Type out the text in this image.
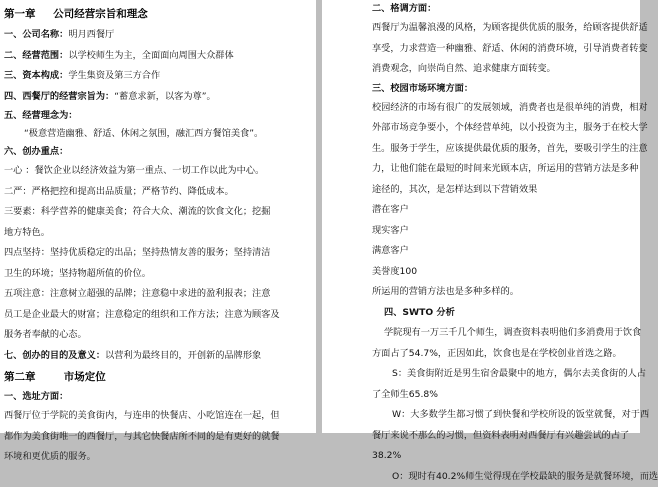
第一章 　 公司经营宗旨和理念
一、公司名称：明月西餐厅
二、经营范围：以学校师生为主，全面面向周围大众群体
三、资本构成：学生集资及第三方合作
四、西餐厅的经营宗旨为：“蓄意求新，以客为尊”。
五、经营理念为：
“极意营造幽雅、舒适、休闲之氛围，融汇西方餐馆美食”。
六、创办重点：
一心 ：餐饮企业以经济效益为第一重点、一切工作以此为中心。
二严：严格把控和提高出品质量；严格节约、降低成本。
三要素：科学营养的健康美食；符合大众、潮流的饮食文化；挖掘
地方特色。
四点坚持：坚持优质稳定的出品；坚持热情友善的服务；坚持清洁
卫生的环境；坚持物超所值的价位。
五项注意：注意树立超强的品牌；注意稳中求进的盈利报表；注意
员工是企业最大的财富；注意稳定的组织和工作方法；注意为顾客及
服务者奉献的心态。
七、创办的目的及意义：以营利为最终目的，开创新的品牌形象
第二章 　　 市场定位
一、选址方面：
西餐厅位于学院的美食街内，与连串的快餐店、小吃馆连在一起，但
都作为美食街唯一的西餐厅，与其它快餐店所不同的是有更好的就餐
环境和更优质的服务。
二、格调方面：
西餐厅为温馨浪漫的风格，为顾客提供优质的服务，给顾客提供舒适
享受，力求营造一种幽雅、舒适、休闲的消费环境，引导消费者转变
消费观念，向崇尚自然、追求健康方面转变。
三、校园市场环境方面：
校园经济的市场有很广的发展领域，消费者也是很单纯的消费，相对
外部市场竞争要小，个体经营单纯，以小投资为主，服务于在校大学
生。服务于学生，应该提供最优质的服务，首先，要吸引学生的注意
力，让他们能在最短的时间来光顾本店，所运用的营销方法是多种
途径的，其次，是怎样达到以下营销效果
潜在客户
现实客户
满意客户
美誉度100
所运用的营销方法也是多种多样的。
四、SWTO 分析
学院现有一万三千几个师生，调查资料表明他们多消费用于饮食
方面占了54.7%，正因如此，饮食也是在学校创业首选之路。
S：美食街附近是男生宿舍最聚中的地方，偶尔去美食街的人占
了全师生65.8%
W：大多数学生都习惯了到快餐和学校所设的饭堂就餐，对于西
餐厅来说不那么的习惯，但资料表明对西餐厅有兴趣尝试的占了
38.2%
O：现时有40.2%师生觉得现在学校最缺的服务是就餐环境，而选
